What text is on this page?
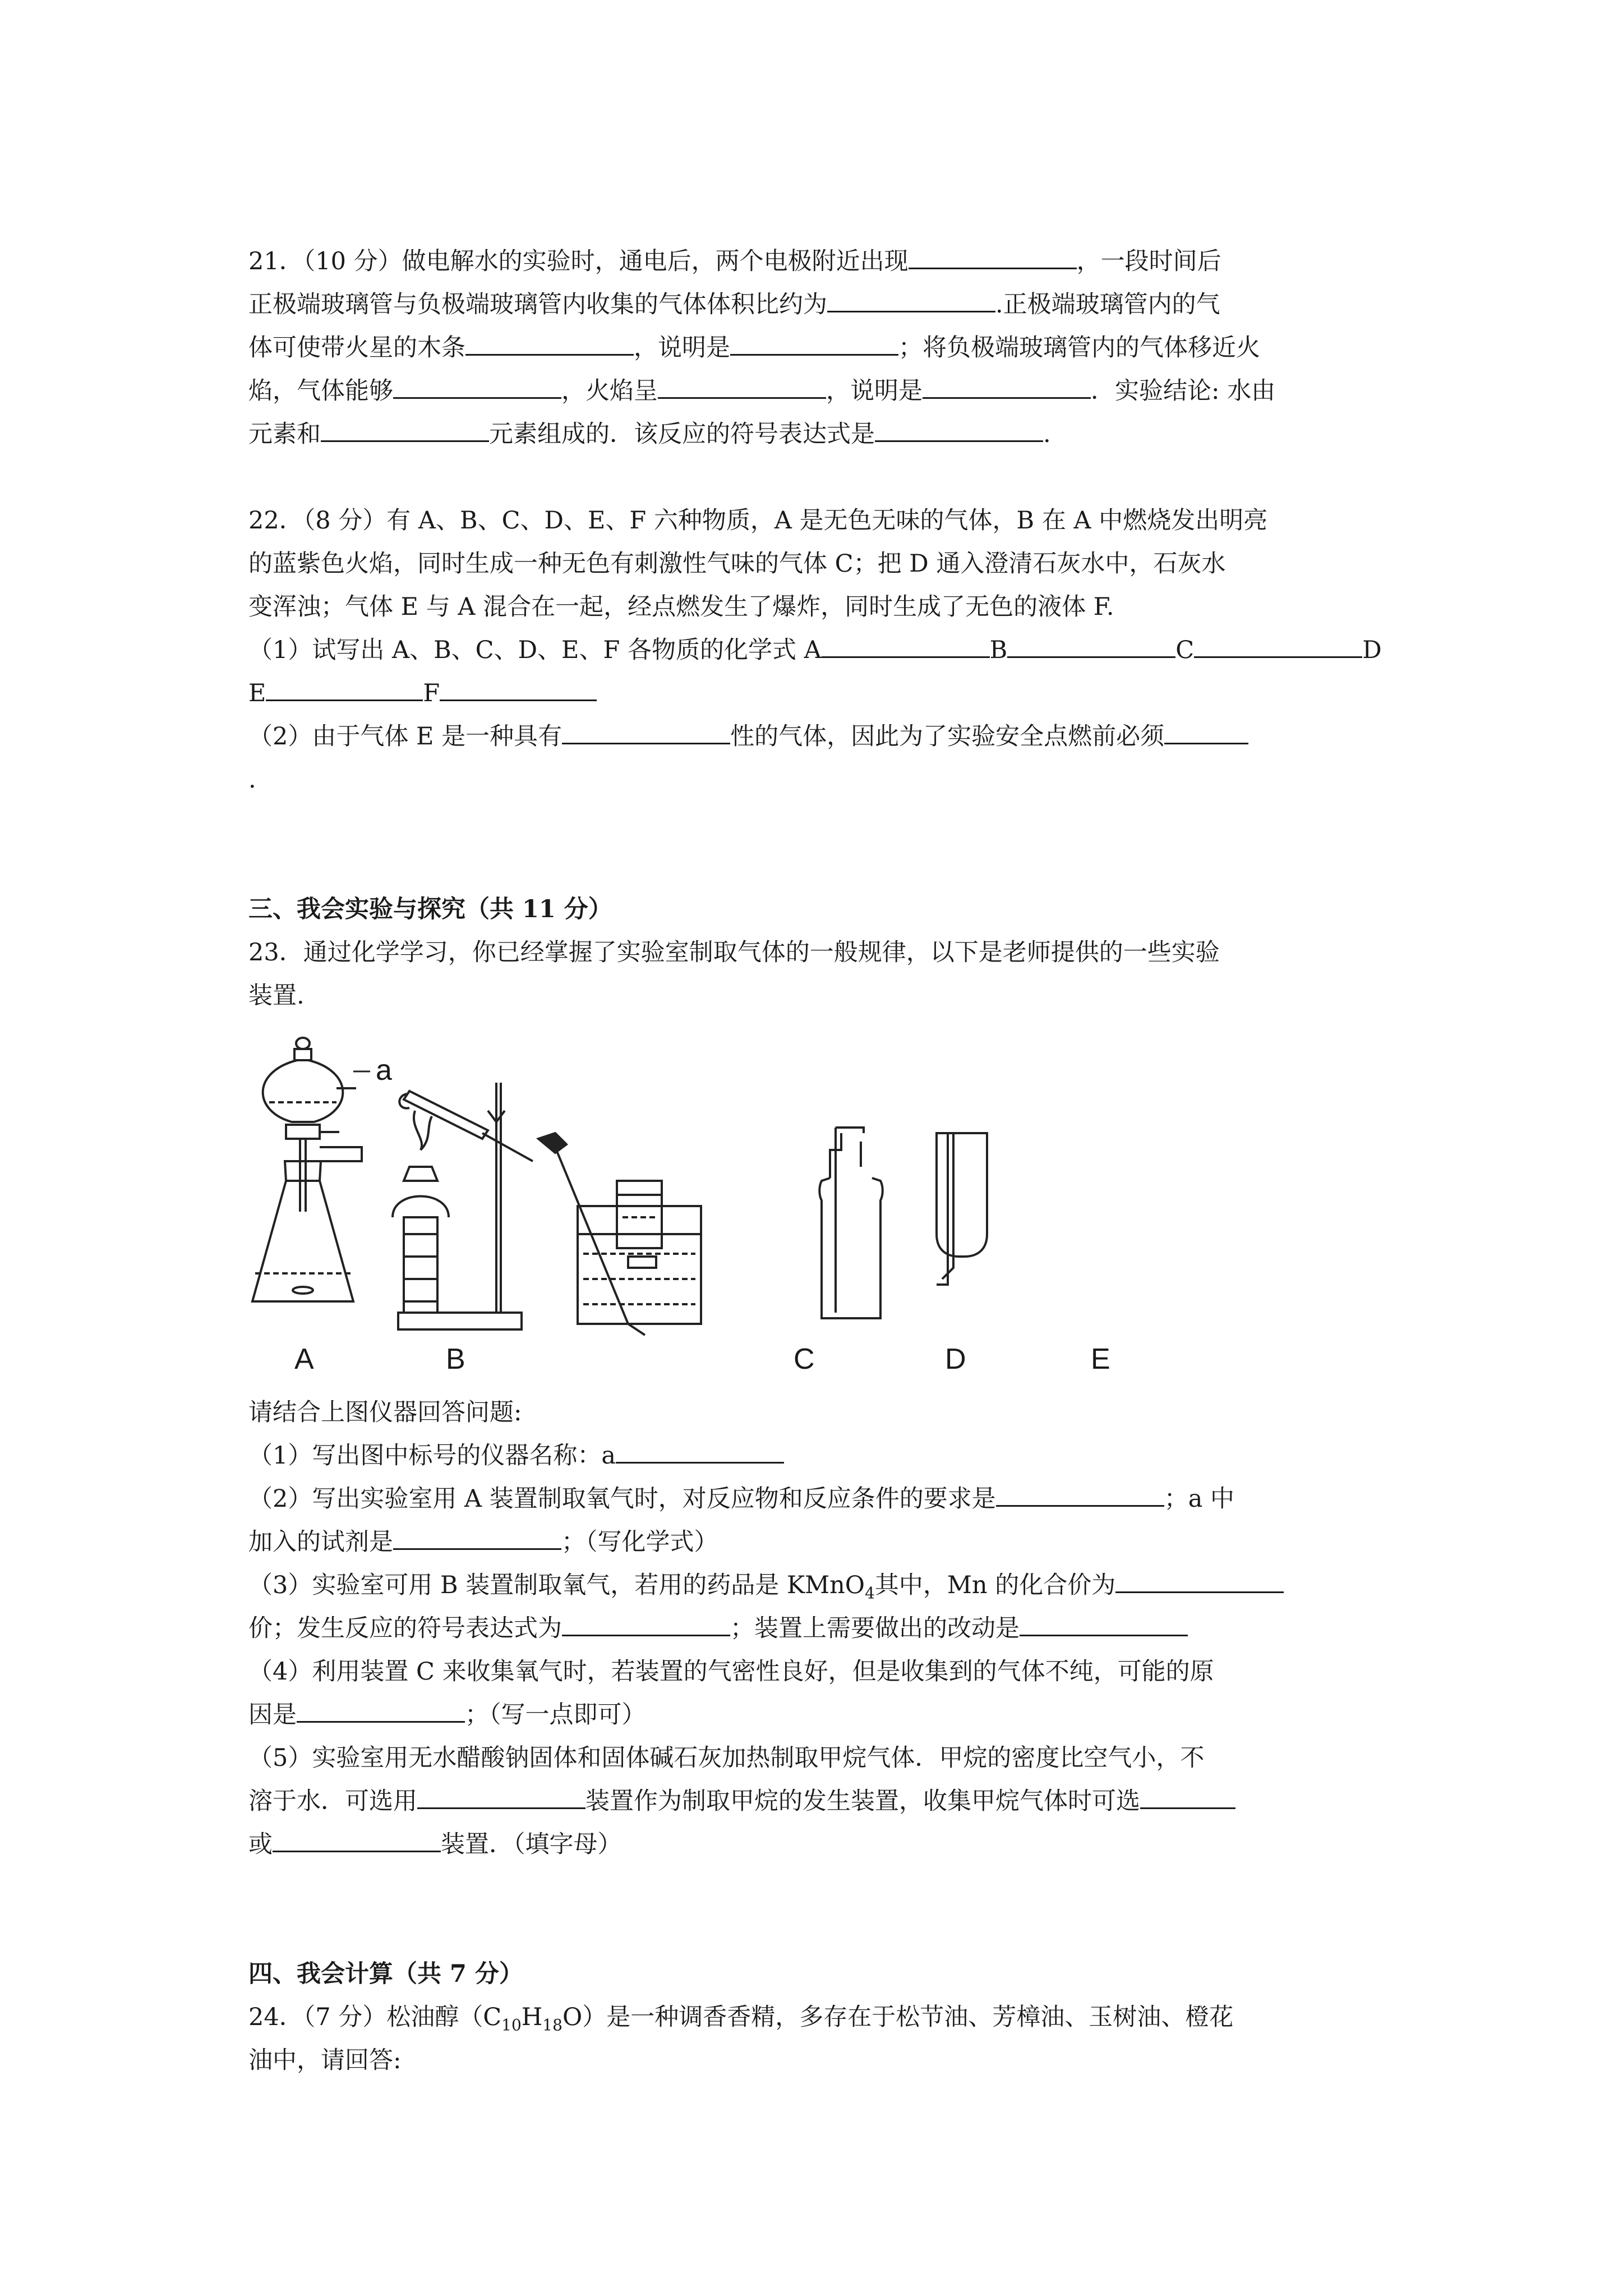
21．（10 分）做电解水的实验时，通电后，两个电极附近出现	，一段时间后
正极端玻璃管与负极端玻璃管内收集的气体体积比约为	.正极端玻璃管内的气
体可使带火星的木条	，说明是	；将负极端玻璃管内的气体移近火
焰，气体能够	，火焰呈	，说明是	．实验结论: 水由
元素和	元素组成的．该反应的符号表达式是	.
22．（8 分）有 A、B、C、D、E、F 六种物质，A 是无色无味的气体，B 在 A 中燃烧发出明亮
的蓝紫色火焰，同时生成一种无色有刺激性气味的气体 C；把 D 通入澄清石灰水中，石灰水
变浑浊；气体 E 与 A 混合在一起，经点燃发生了爆炸，同时生成了无色的液体 F.
（1）试写出 A、B、C、D、E、F 各物质的化学式 A	B	C	D
E	F
（2）由于气体 E 是一种具有	性的气体，因此为了实验安全点燃前必须
.
三、我会实验与探究（共 11 分）
23．通过化学学习，你已经掌握了实验室制取气体的一般规律，以下是老师提供的一些实验
装置.
a
A	B	C	D	E
请结合上图仪器回答问题:
（1）写出图中标号的仪器名称：a
（2）写出实验室用 A 装置制取氧气时，对反应物和反应条件的要求是	；a 中
加入的试剂是	；（写化学式）
（3）实验室可用 B 装置制取氧气，若用的药品是 KMnO$_4$其中，Mn 的化合价为
价；发生反应的符号表达式为	；装置上需要做出的改动是
（4）利用装置 C 来收集氧气时，若装置的气密性良好，但是收集到的气体不纯，可能的原
因是	；（写一点即可）
（5）实验室用无水醋酸钠固体和固体碱石灰加热制取甲烷气体．甲烷的密度比空气小，不
溶于水．可选用	装置作为制取甲烷的发生装置，收集甲烷气体时可选
或	装置．（填字母）
四、我会计算（共 7 分）
24．（7 分）松油醇$(C_{10}H_{18}O)$是一种调香香精，多存在于松节油、芳樟油、玉树油、橙花
油中，请回答:
